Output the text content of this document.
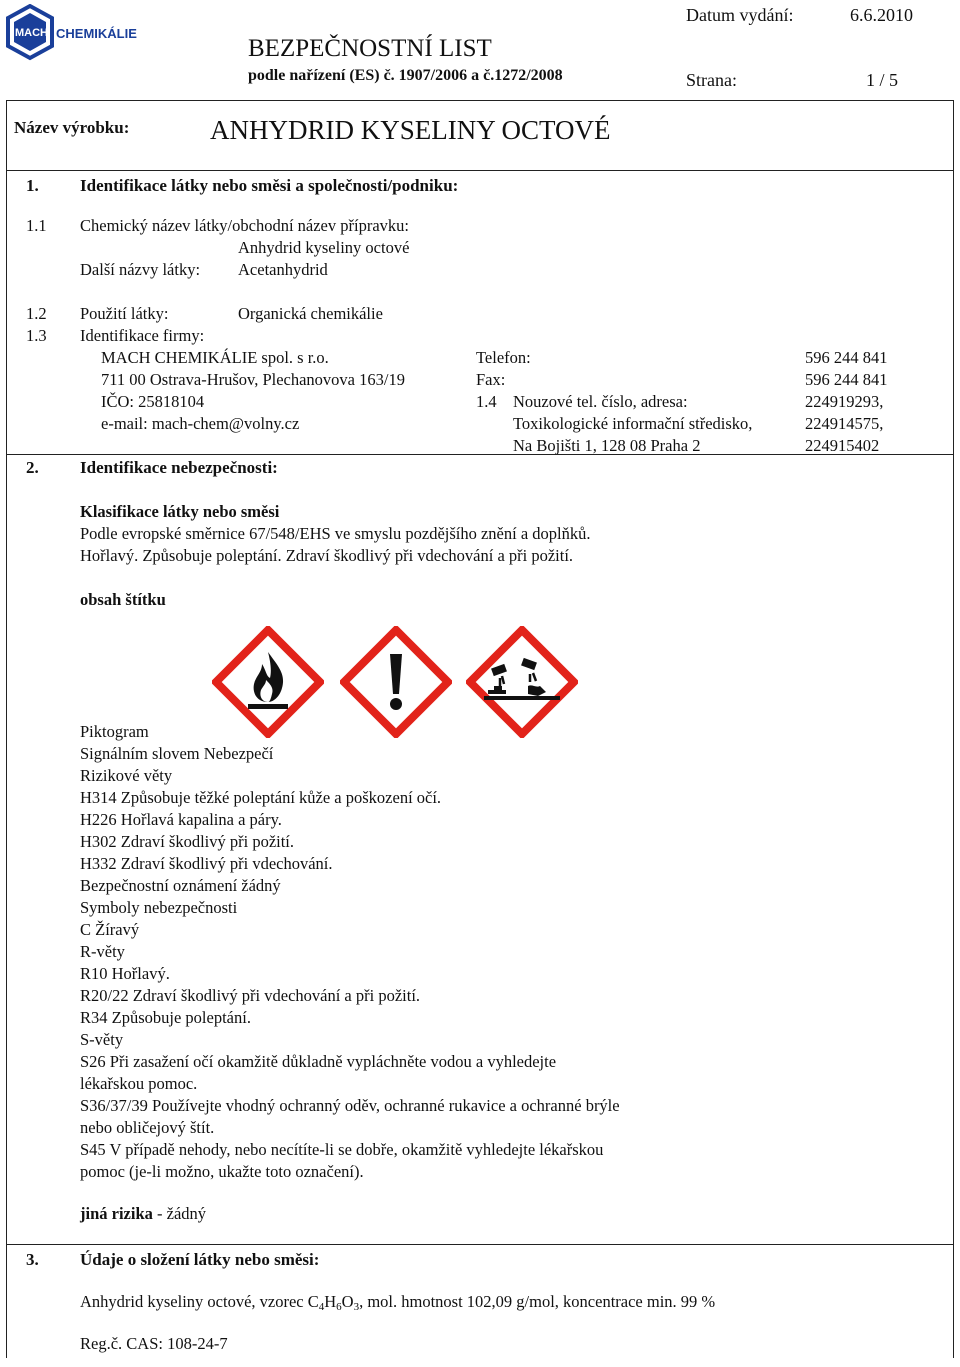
MACH CHEMIKÁLIE
BEZPEČNOSTNÍ LIST
podle nařízení (ES) č. 1907/2006 a č.1272/2008
Datum vydání:	6.6.2010
Strana:	1 / 5
Název výrobku:	ANHYDRID KYSELINY OCTOVÉ
1. Identifikace látky nebo směsi a společnosti/podniku:
1.1 Chemický název látky/obchodní název přípravku:
Anhydrid kyseliny octové
Další názvy látky: Acetanhydrid
1.2 Použití látky:	Organická chemikálie
1.3 Identifikace firmy:
MACH CHEMIKÁLIE spol. s r.o.
711 00 Ostrava-Hrušov, Plechanovova 163/19
IČO: 25818104
e-mail: mach-chem@volny.cz
Telefon:	596 244 841
Fax:	596 244 841
1.4 Nouzové tel. číslo, adresa:	224919293,
Toxikologické informační středisko,	224914575,
Na Bojišti 1, 128 08 Praha 2	224915402
2. Identifikace nebezpečnosti:
Klasifikace látky nebo směsi
Podle evropské směrnice 67/548/EHS ve smyslu pozdějšího znění a doplňků.
Hořlavý. Způsobuje poleptání. Zdraví škodlivý při vdechování a při požití.
obsah štítku
Piktogram
Signálním slovem Nebezpečí
Rizikové věty
H314 Způsobuje těžké poleptání kůže a poškození očí.
H226 Hořlavá kapalina a páry.
H302 Zdraví škodlivý při požití.
H332 Zdraví škodlivý při vdechování.
Bezpečnostní oznámení žádný
Symboly nebezpečnosti
C Žíravý
R-věty
R10 Hořlavý.
R20/22 Zdraví škodlivý při vdechování a při požití.
R34 Způsobuje poleptání.
S-věty
S26 Při zasažení očí okamžitě důkladně vypláchněte vodou a vyhledejte
lékařskou pomoc.
S36/37/39 Používejte vhodný ochranný oděv, ochranné rukavice a ochranné brýle
nebo obličejový štít.
S45 V případě nehody, nebo necítíte-li se dobře, okamžitě vyhledejte lékařskou
pomoc (je-li možno, ukažte toto označení).
jiná rizika - žádný
3. Údaje o složení látky nebo směsi:
Anhydrid kyseliny octové, vzorec $C_4H_6O_3$, mol. hmotnost 102,09 g/mol, koncentrace min. 99 %
Reg.č. CAS: 108-24-7
